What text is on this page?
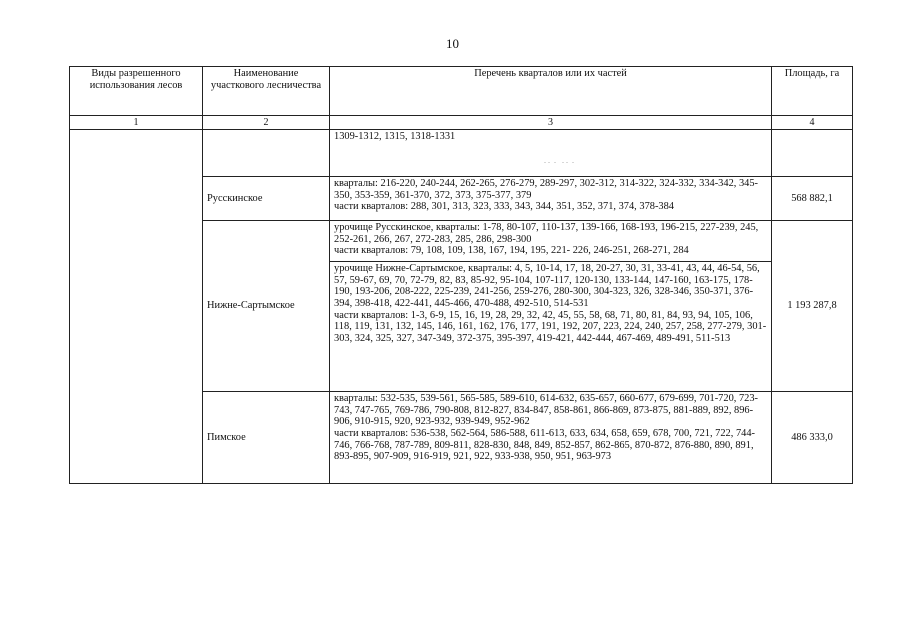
10
Виды разрешенного использования лесов	Наименование участкового лесничества	Перечень кварталов или их частей	Площадь, га
1	2	3	4

		1309-1312, 1315, 1318-1331
. .  .   . .  .	
	Русскинское	кварталы: 216-220, 240-244, 262-265, 276-279, 289-297, 302-312, 314-322, 324-332, 334-342, 345-350, 353-359, 361-370, 372, 373, 375-377, 379
части кварталов: 288, 301, 313, 323, 333, 343, 344, 351, 352, 371, 374, 378-384	568 882,1
	Нижне-Сартымское	урочище Русскинское, кварталы: 1-78, 80-107, 110-137, 139-166, 168-193, 196-215, 227-239, 245, 252-261, 266, 267, 272-283, 285, 286, 298-300
части кварталов: 79, 108, 109, 138, 167, 194, 195, 221- 226, 246-251, 268-271, 284	1 193 287,8

		урочище Нижне-Сартымское, кварталы: 4, 5, 10-14, 17, 18, 20-27, 30, 31, 33-41, 43, 44, 46-54, 56, 57, 59-67, 69, 70, 72-79, 82, 83, 85-92, 95-104, 107-117, 120-130, 133-144, 147-160, 163-175, 178-190, 193-206, 208-222, 225-239, 241-256, 259-276, 280-300, 304-323, 326, 328-346, 350-371, 376-394, 398-418, 422-441, 445-466, 470-488, 492-510, 514-531
части кварталов: 1-3, 6-9, 15, 16, 19, 28, 29, 32, 42, 45, 55, 58, 68, 71, 80, 81, 84, 93, 94, 105, 106, 118, 119, 131, 132, 145, 146, 161, 162, 176, 177, 191, 192, 207, 223, 224, 240, 257, 258, 277-279, 301-303, 324, 325, 327, 347-349, 372-375, 395-397, 419-421, 442-444, 467-469, 489-491, 511-513	

	Пимское	кварталы: 532-535, 539-561, 565-585, 589-610, 614-632, 635-657, 660-677, 679-699, 701-720, 723-743, 747-765, 769-786, 790-808, 812-827, 834-847, 858-861, 866-869, 873-875, 881-889, 892, 896-906, 910-915, 920, 923-932, 939-949, 952-962
части кварталов: 536-538, 562-564, 586-588, 611-613, 633, 634, 658, 659, 678, 700, 721, 722, 744-746, 766-768, 787-789, 809-811, 828-830, 848, 849, 852-857, 862-865, 870-872, 876-880, 890, 891, 893-895, 907-909, 916-919, 921, 922, 933-938, 950, 951, 963-973	486 333,0
